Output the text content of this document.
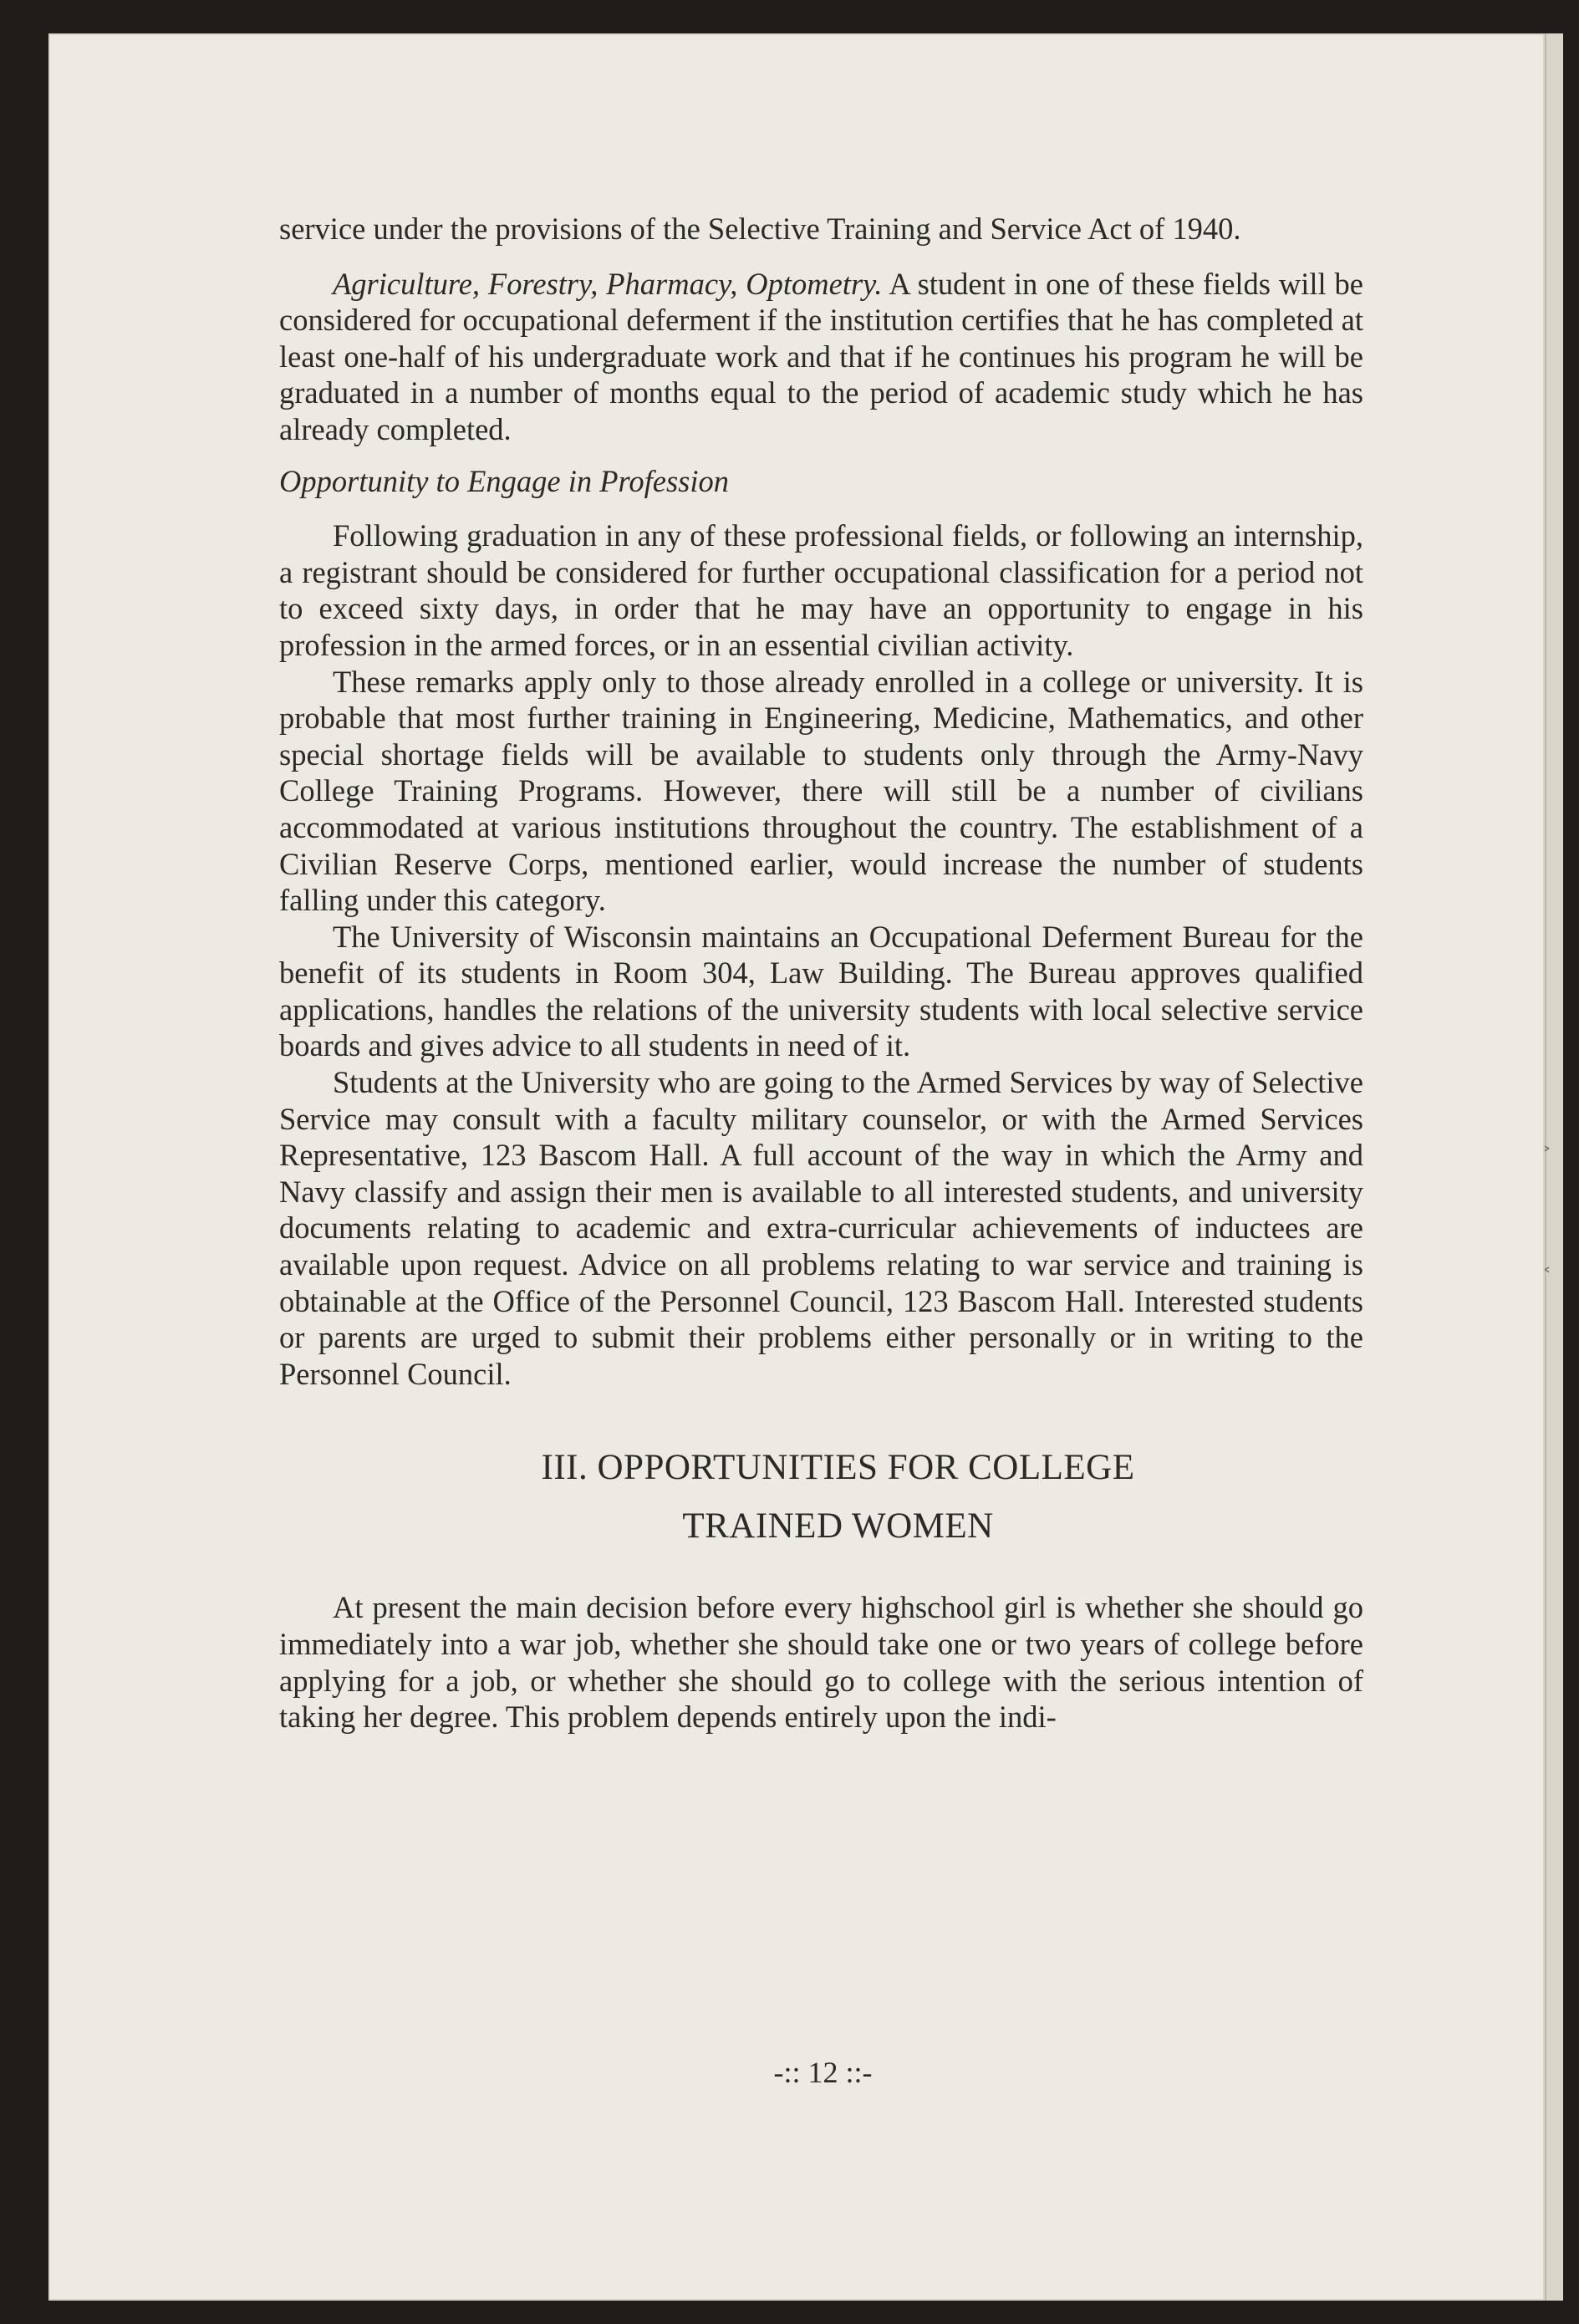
service under the provisions of the Selective Training and Service Act of 1940.

Agriculture, Forestry, Pharmacy, Optometry. A student in one of these fields will be considered for occupational deferment if the institution certifies that he has completed at least one-half of his undergraduate work and that if he continues his program he will be graduated in a number of months equal to the period of academic study which he has already completed.

Opportunity to Engage in Profession

Following graduation in any of these professional fields, or following an internship, a registrant should be considered for further occupational classification for a period not to exceed sixty days, in order that he may have an opportunity to engage in his profession in the armed forces, or in an essential civilian activity.

These remarks apply only to those already enrolled in a college or university. It is probable that most further training in Engineering, Medicine, Mathematics, and other special shortage fields will be available to students only through the Army-Navy College Training Programs. However, there will still be a number of civilians accommodated at various institutions throughout the country. The establishment of a Civilian Reserve Corps, mentioned earlier, would increase the number of students falling under this category.

The University of Wisconsin maintains an Occupational Deferment Bureau for the benefit of its students in Room 304, Law Building. The Bureau approves qualified applications, handles the relations of the university students with local selective service boards and gives advice to all students in need of it.

Students at the University who are going to the Armed Services by way of Selective Service may consult with a faculty military counselor, or with the Armed Services Representative, 123 Bascom Hall. A full account of the way in which the Army and Navy classify and assign their men is available to all interested students, and university documents relating to academic and extra-curricular achievements of inductees are available upon request. Advice on all problems relating to war service and training is obtainable at the Office of the Personnel Council, 123 Bascom Hall. Interested students or parents are urged to submit their problems either personally or in writing to the Personnel Council.

III. OPPORTUNITIES FOR COLLEGE
TRAINED WOMEN

At present the main decision before every highschool girl is whether she should go immediately into a war job, whether she should take one or two years of college before applying for a job, or whether she should go to college with the serious intention of taking her degree. This problem depends entirely upon the indi-

-:: 12 ::-
˃
˂
